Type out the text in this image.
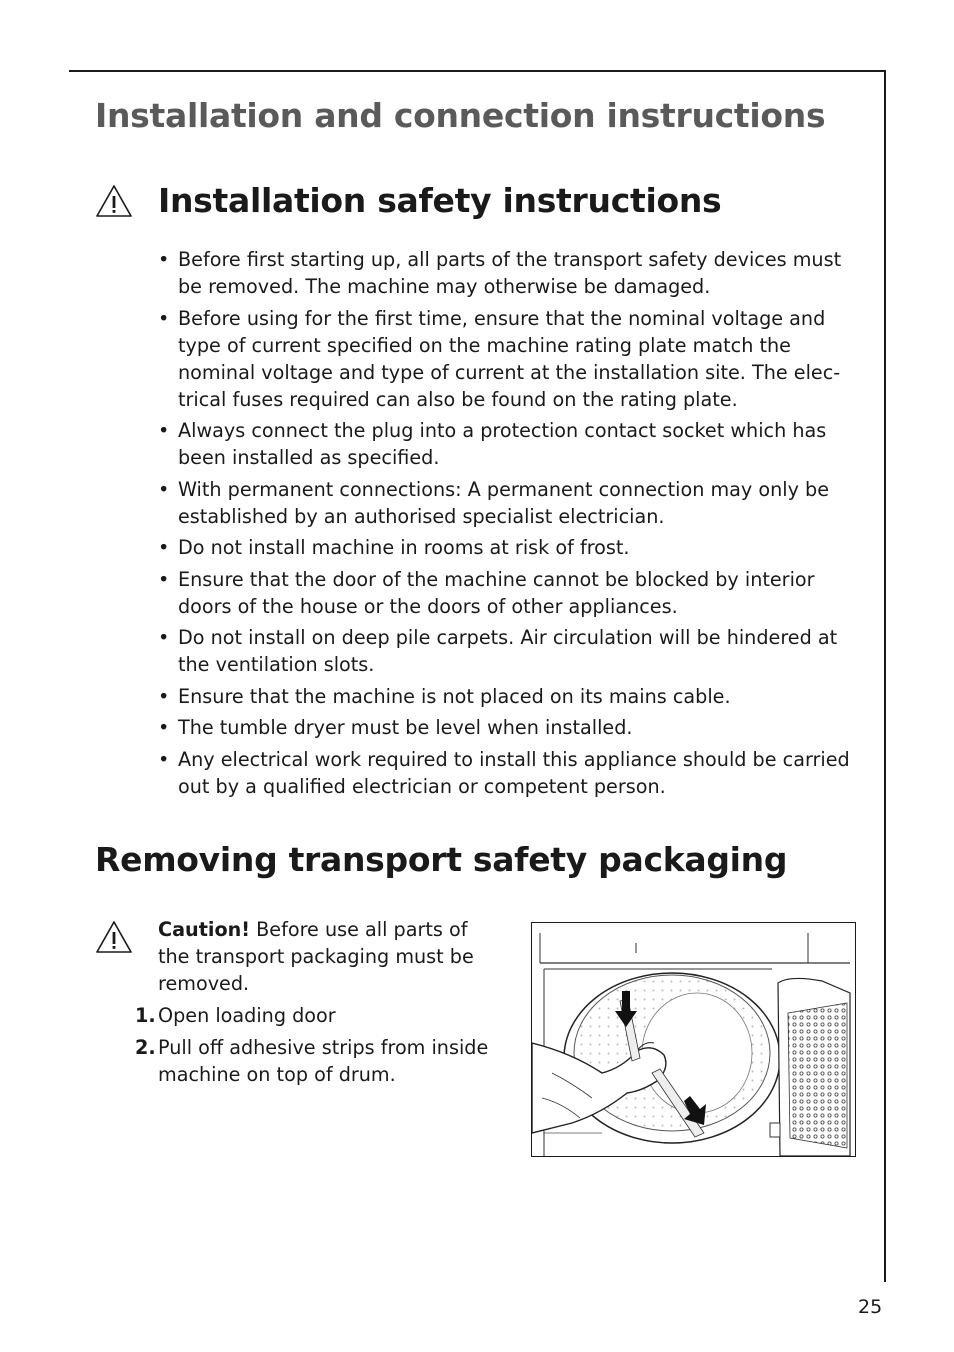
Installation and connection instructions
Installation safety instructions
• Before first starting up, all parts of the transport safety devices must be removed. The machine may otherwise be damaged.
• Before using for the first time, ensure that the nominal voltage and type of current specified on the machine rating plate match the nominal voltage and type of current at the installation site. The elec-trical fuses required can also be found on the rating plate.
• Always connect the plug into a protection contact socket which has been installed as specified.
• With permanent connections: A permanent connection may only be established by an authorised specialist electrician.
• Do not install machine in rooms at risk of frost.
• Ensure that the door of the machine cannot be blocked by interior doors of the house or the doors of other appliances.
• Do not install on deep pile carpets. Air circulation will be hindered at the ventilation slots.
• Ensure that the machine is not placed on its mains cable.
• The tumble dryer must be level when installed.
• Any electrical work required to install this appliance should be carried out by a qualified electrician or competent person.
Removing transport safety packaging

Caution! Before use all parts of the transport packaging must be removed.

1. Open loading door
2. Pull off adhesive strips from inside machine on top of drum.
25
